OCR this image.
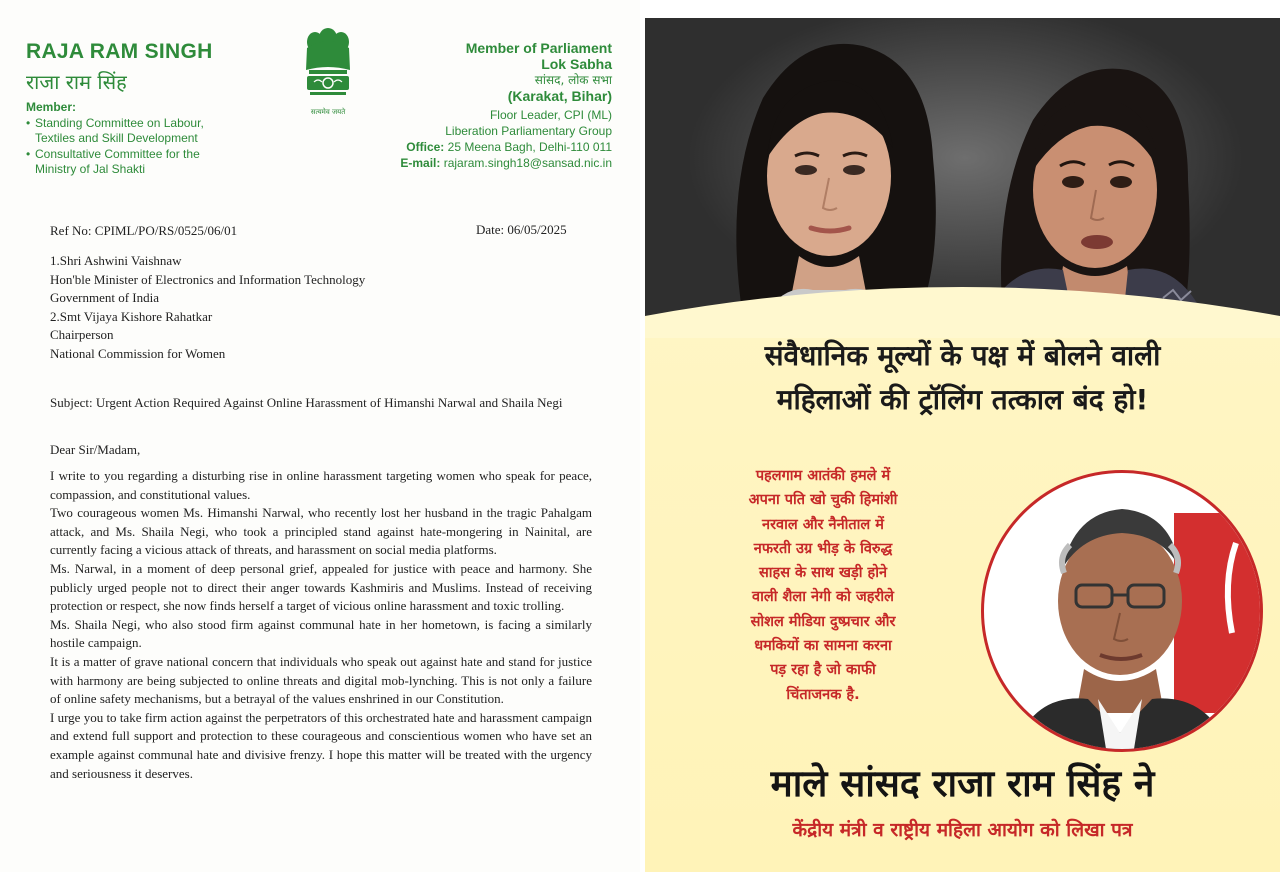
RAJA RAM SINGH
राजा राम सिंह
Member:
• Standing Committee on Labour,
Textiles and Skill Development
• Consultative Committee for the
Ministry of Jal Shakti
सत्यमेव जयते
Member of Parliament
Lok Sabha
सांसद, लोक सभा
(Karakat, Bihar)
Floor Leader, CPI (ML)
Liberation Parliamentary Group
Office: 25 Meena Bagh, Delhi-110 011
E-mail: rajaram.singh18@sansad.nic.in
Ref No: CPIML/PO/RS/0525/06/01	Date: 06/05/2025
1.Shri Ashwini Vaishnaw
Hon'ble Minister of Electronics and Information Technology
Government of India
2.Smt Vijaya Kishore Rahatkar
Chairperson
National Commission for Women
Subject: Urgent Action Required Against Online Harassment of Himanshi Narwal and Shaila Negi
Dear Sir/Madam,

I write to you regarding a disturbing rise in online harassment targeting women who speak for peace, compassion, and constitutional values.

Two courageous women Ms. Himanshi Narwal, who recently lost her husband in the tragic Pahalgam attack, and Ms. Shaila Negi, who took a principled stand against hate-mongering in Nainital, are currently facing a vicious attack of threats, and harassment on social media platforms.

Ms. Narwal, in a moment of deep personal grief, appealed for justice with peace and harmony. She publicly urged people not to direct their anger towards Kashmiris and Muslims. Instead of receiving protection or respect, she now finds herself a target of vicious online harassment and toxic trolling.

Ms. Shaila Negi, who also stood firm against communal hate in her hometown, is facing a similarly hostile campaign.

It is a matter of grave national concern that individuals who speak out against hate and stand for justice with harmony are being subjected to online threats and digital mob-lynching. This is not only a failure of online safety mechanisms, but a betrayal of the values enshrined in our Constitution.

I urge you to take firm action against the perpetrators of this orchestrated hate and harassment campaign and extend full support and protection to these courageous and conscientious women who have set an example against communal hate and divisive frenzy. I hope this matter will be treated with the urgency and seriousness it deserves.

संवैधानिक मूल्यों के पक्ष में बोलने वाली
महिलाओं की ट्रॉलिंग तत्काल बंद हो!
पहलगाम आतंकी हमले में
अपना पति खो चुकी हिमांशी
नरवाल और नैनीताल में
नफरती उग्र भीड़ के विरुद्ध
साहस के साथ खड़ी होने
वाली शैला नेगी को जहरीले
सोशल मीडिया दुष्प्रचार और
धमकियों का सामना करना
पड़ रहा है जो काफी
चिंताजनक है.
माले सांसद राजा राम सिंह ने
केंद्रीय मंत्री व राष्ट्रीय महिला आयोग को लिखा पत्र
